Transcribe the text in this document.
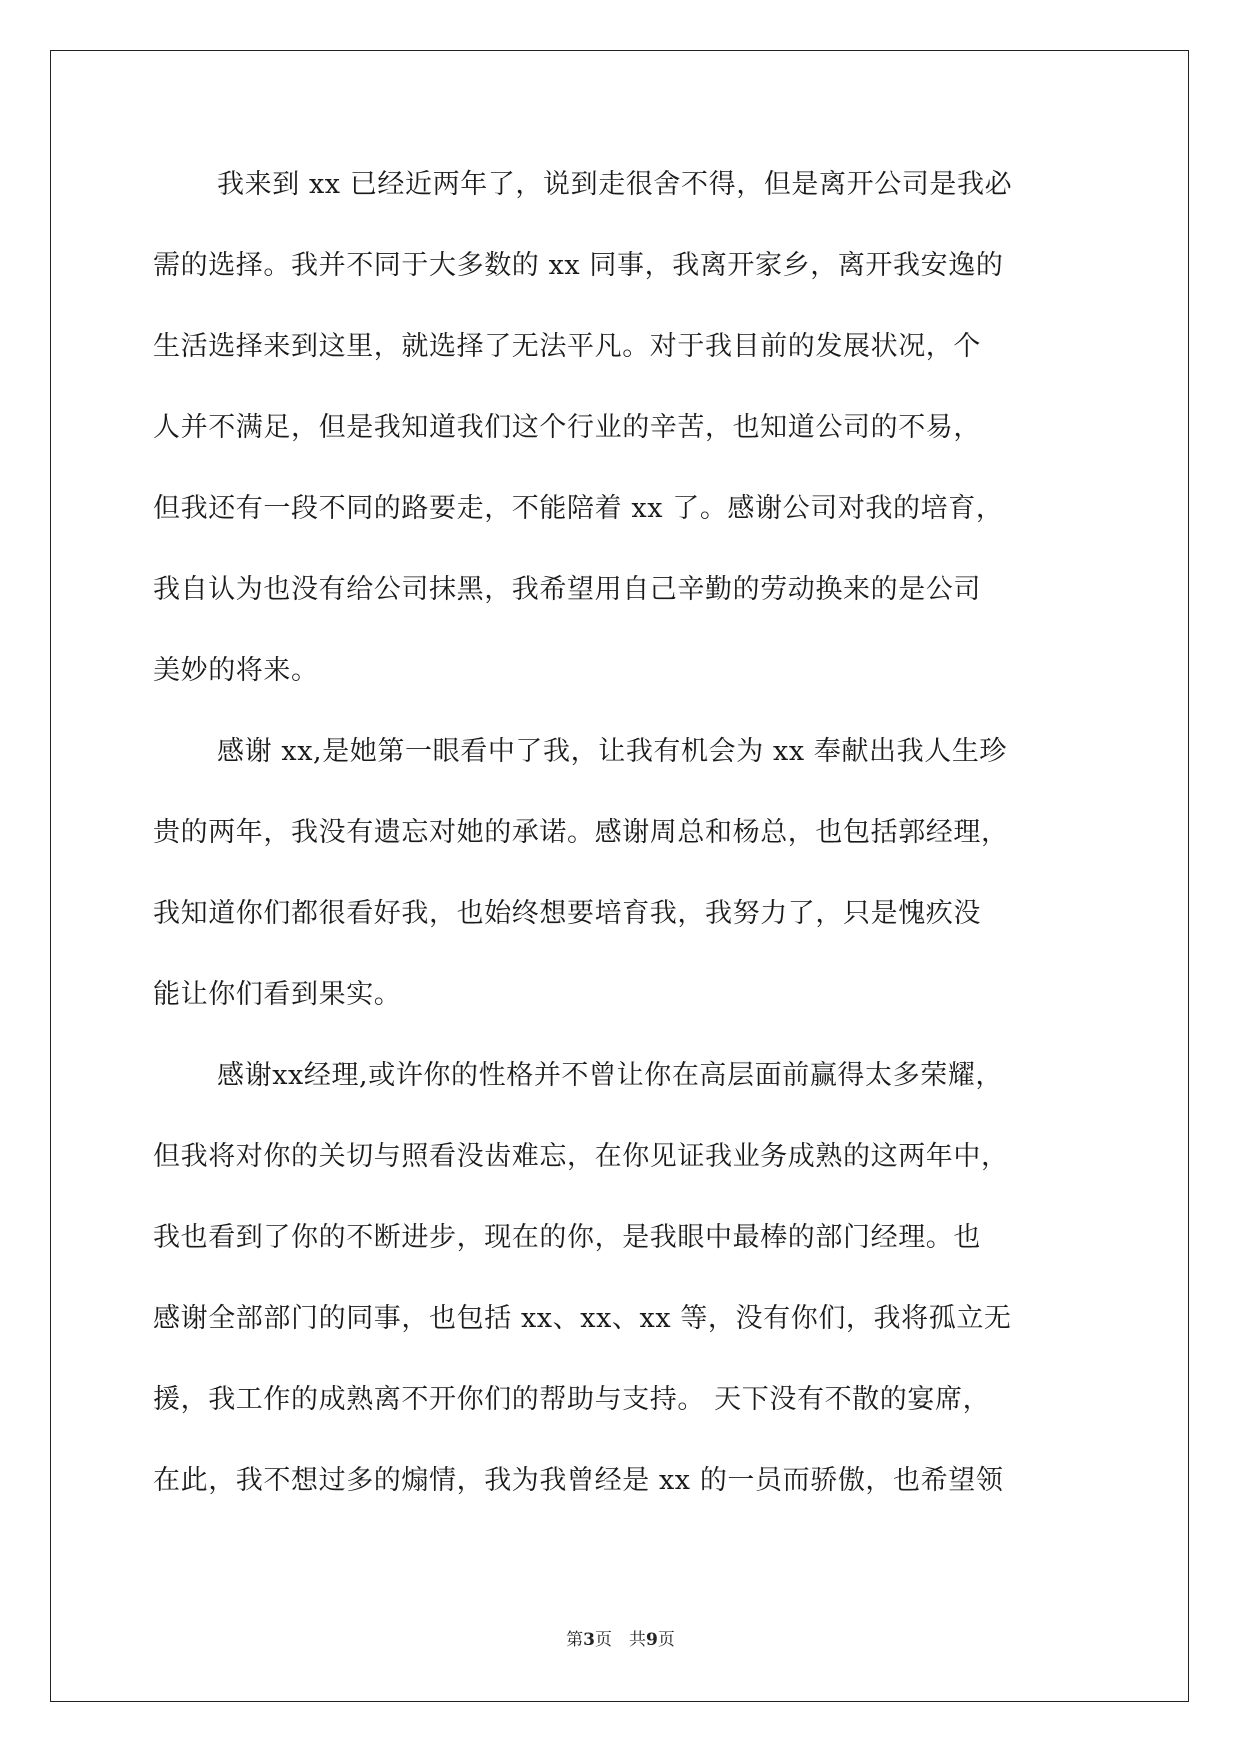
我来到 xx 已经近两年了，说到走很舍不得，但是离开公司是我必
需的选择。我并不同于大多数的 xx 同事，我离开家乡，离开我安逸的
生活选择来到这里，就选择了无法平凡。对于我目前的发展状况，个
人并不满足，但是我知道我们这个行业的辛苦，也知道公司的不易，
但我还有一段不同的路要走，不能陪着 xx 了。感谢公司对我的培育，
我自认为也没有给公司抹黑，我希望用自己辛勤的劳动换来的是公司
美妙的将来。
感谢 xx,是她第一眼看中了我，让我有机会为 xx 奉献出我人生珍
贵的两年，我没有遗忘对她的承诺。感谢周总和杨总，也包括郭经理，
我知道你们都很看好我，也始终想要培育我，我努力了，只是愧疚没
能让你们看到果实。
感谢xx经理,或许你的性格并不曾让你在高层面前赢得太多荣耀，
但我将对你的关切与照看没齿难忘，在你见证我业务成熟的这两年中，
我也看到了你的不断进步，现在的你，是我眼中最棒的部门经理。也
感谢全部部门的同事，也包括 xx、xx、xx 等，没有你们，我将孤立无
援，我工作的成熟离不开你们的帮助与支持。 天下没有不散的宴席，
在此，我不想过多的煽情，我为我曾经是 xx 的一员而骄傲，也希望领
第3页　共9页
